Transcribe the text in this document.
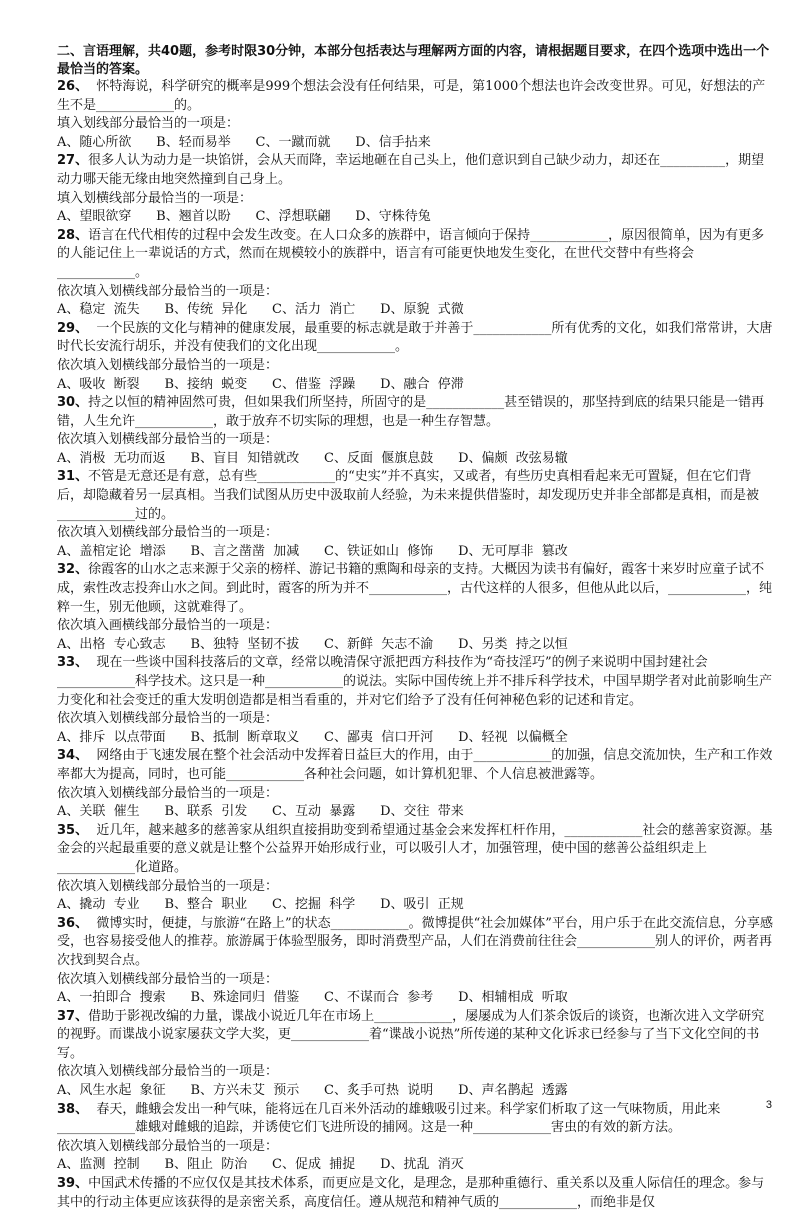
二、言语理解，共40题，参考时限30分钟，本部分包括表达与理解两方面的内容，请根据题目要求，在四个选项中选出一个最恰当的答案。
26、  怀特海说，科学研究的概率是999个想法会没有任何结果，可是，第1000个想法也许会改变世界。可见，好想法的产生不是____________的。
填入划线部分最恰当的一项是：
A、随心所欲      B、轻而易举      C、一蹴而就      D、信手拈来
27、很多人认为动力是一块馅饼，会从天而降，幸运地砸在自己头上，他们意识到自己缺少动力，却还在__________，期望动力哪天能无缘由地突然撞到自己身上。
填入划横线部分最恰当的一项是：
A、望眼欲穿      B、翘首以盼      C、浮想联翩      D、守株待兔
28、语言在代代相传的过程中会发生改变。在人口众多的族群中，语言倾向于保持____________，原因很简单，因为有更多的人能记住上一辈说话的方式，然而在规模较小的族群中，语言有可能更快地发生变化，在世代交替中有些将会____________。
依次填入划横线部分最恰当的一项是：
A、稳定  流失      B、传统  异化      C、活力  消亡      D、原貌  式微
29、  一个民族的文化与精神的健康发展，最重要的标志就是敢于并善于____________所有优秀的文化，如我们常常讲，大唐时代长安流行胡乐，并没有使我们的文化出现____________。
依次填入划横线部分最恰当的一项是：
A、吸收  断裂      B、接纳  蜕变      C、借鉴  浮躁      D、融合  停滞
30、持之以恒的精神固然可贵，但如果我们所坚持，所固守的是____________甚至错误的，那坚持到底的结果只能是一错再错，人生允许____________，敢于放弃不切实际的理想，也是一种生存智慧。
依次填入划横线部分最恰当的一项是：
A、消极  无功而返      B、盲目  知错就改      C、反面  偃旗息鼓      D、偏颇  改弦易辙
31、不管是无意还是有意，总有些____________的“史实”并不真实，又或者，有些历史真相看起来无可置疑，但在它们背后，却隐藏着另一层真相。当我们试图从历史中汲取前人经验，为未来提供借鉴时，却发现历史并非全部都是真相，而是被____________过的。
依次填入划横线部分最恰当的一项是：
A、盖棺定论  增添      B、言之凿凿  加减      C、铁证如山  修饰      D、无可厚非  篡改
32、徐霞客的山水之志来源于父亲的榜样、游记书籍的熏陶和母亲的支持。大概因为读书有偏好，霞客十来岁时应童子试不成，索性改志投奔山水之间。到此时，霞客的所为并不____________，古代这样的人很多，但他从此以后，____________，纯粹一生，别无他顾，这就难得了。
依次填入画横线部分最恰当的一项是：
A、出格  专心致志      B、独特  坚韧不拔      C、新鲜  矢志不渝      D、另类  持之以恒
33、  现在一些谈中国科技落后的文章，经常以晚清保守派把西方科技作为“奇技淫巧”的例子来说明中国封建社会____________科学技术。这只是一种____________的说法。实际中国传统上并不排斥科学技术，中国早期学者对此前影响生产力变化和社会变迁的重大发明创造都是相当看重的，并对它们给予了没有任何神秘色彩的记述和肯定。
依次填入划横线部分最恰当的一项是：
A、排斥  以点带面      B、抵制  断章取义      C、鄙夷  信口开河      D、轻视  以偏概全
34、  网络由于飞速发展在整个社会活动中发挥着日益巨大的作用，由于____________的加强，信息交流加快，生产和工作效率都大为提高，同时，也可能____________各种社会问题，如计算机犯罪、个人信息被泄露等。
依次填入划横线部分最恰当的一项是：
A、关联  催生      B、联系  引发      C、互动  暴露      D、交往  带来
35、  近几年，越来越多的慈善家从组织直接捐助变到希望通过基金会来发挥杠杆作用，____________社会的慈善家资源。基金会的兴起最重要的意义就是让整个公益界开始形成行业，可以吸引人才，加强管理，使中国的慈善公益组织走上____________化道路。
依次填入划横线部分最恰当的一项是：
A、撬动  专业      B、整合  职业      C、挖掘  科学      D、吸引  正规
36、  微博实时，便捷，与旅游“在路上”的状态____________。微博提供“社会加媒体”平台，用户乐于在此交流信息，分享感受，也容易接受他人的推荐。旅游属于体验型服务，即时消费型产品，人们在消费前往往会____________别人的评价，两者再次找到契合点。
依次填入划横线部分最恰当的一项是：
A、一拍即合  搜索      B、殊途同归  借鉴      C、不谋而合  参考      D、相辅相成  听取
37、借助于影视改编的力量，谍战小说近几年在市场上____________，屡屡成为人们茶余饭后的谈资，也渐次进入文学研究的视野。而谍战小说家屡获文学大奖，更____________着“谍战小说热”所传递的某种文化诉求已经参与了当下文化空间的书写。
依次填入划横线部分最恰当的一项是：
A、风生水起  象征      B、方兴未艾  预示      C、炙手可热  说明      D、声名鹊起  透露
38、  春天，雌蛾会发出一种气味，能将远在几百米外活动的雄蛾吸引过来。科学家们析取了这一气味物质，用此来____________雄蛾对雌蛾的追踪，并诱使它们飞进所设的捕网。这是一种____________害虫的有效的新方法。
依次填入划横线部分最恰当的一项是：
A、监测  控制      B、阻止  防治      C、促成  捕捉      D、扰乱  消灭
39、中国武术传播的不应仅仅是其技术体系，而更应是文化，是理念，是那种重德行、重关系以及重人际信任的理念。参与其中的行动主体更应该获得的是亲密关系，高度信任。遵从规范和精神气质的____________，而绝非是仅
3
